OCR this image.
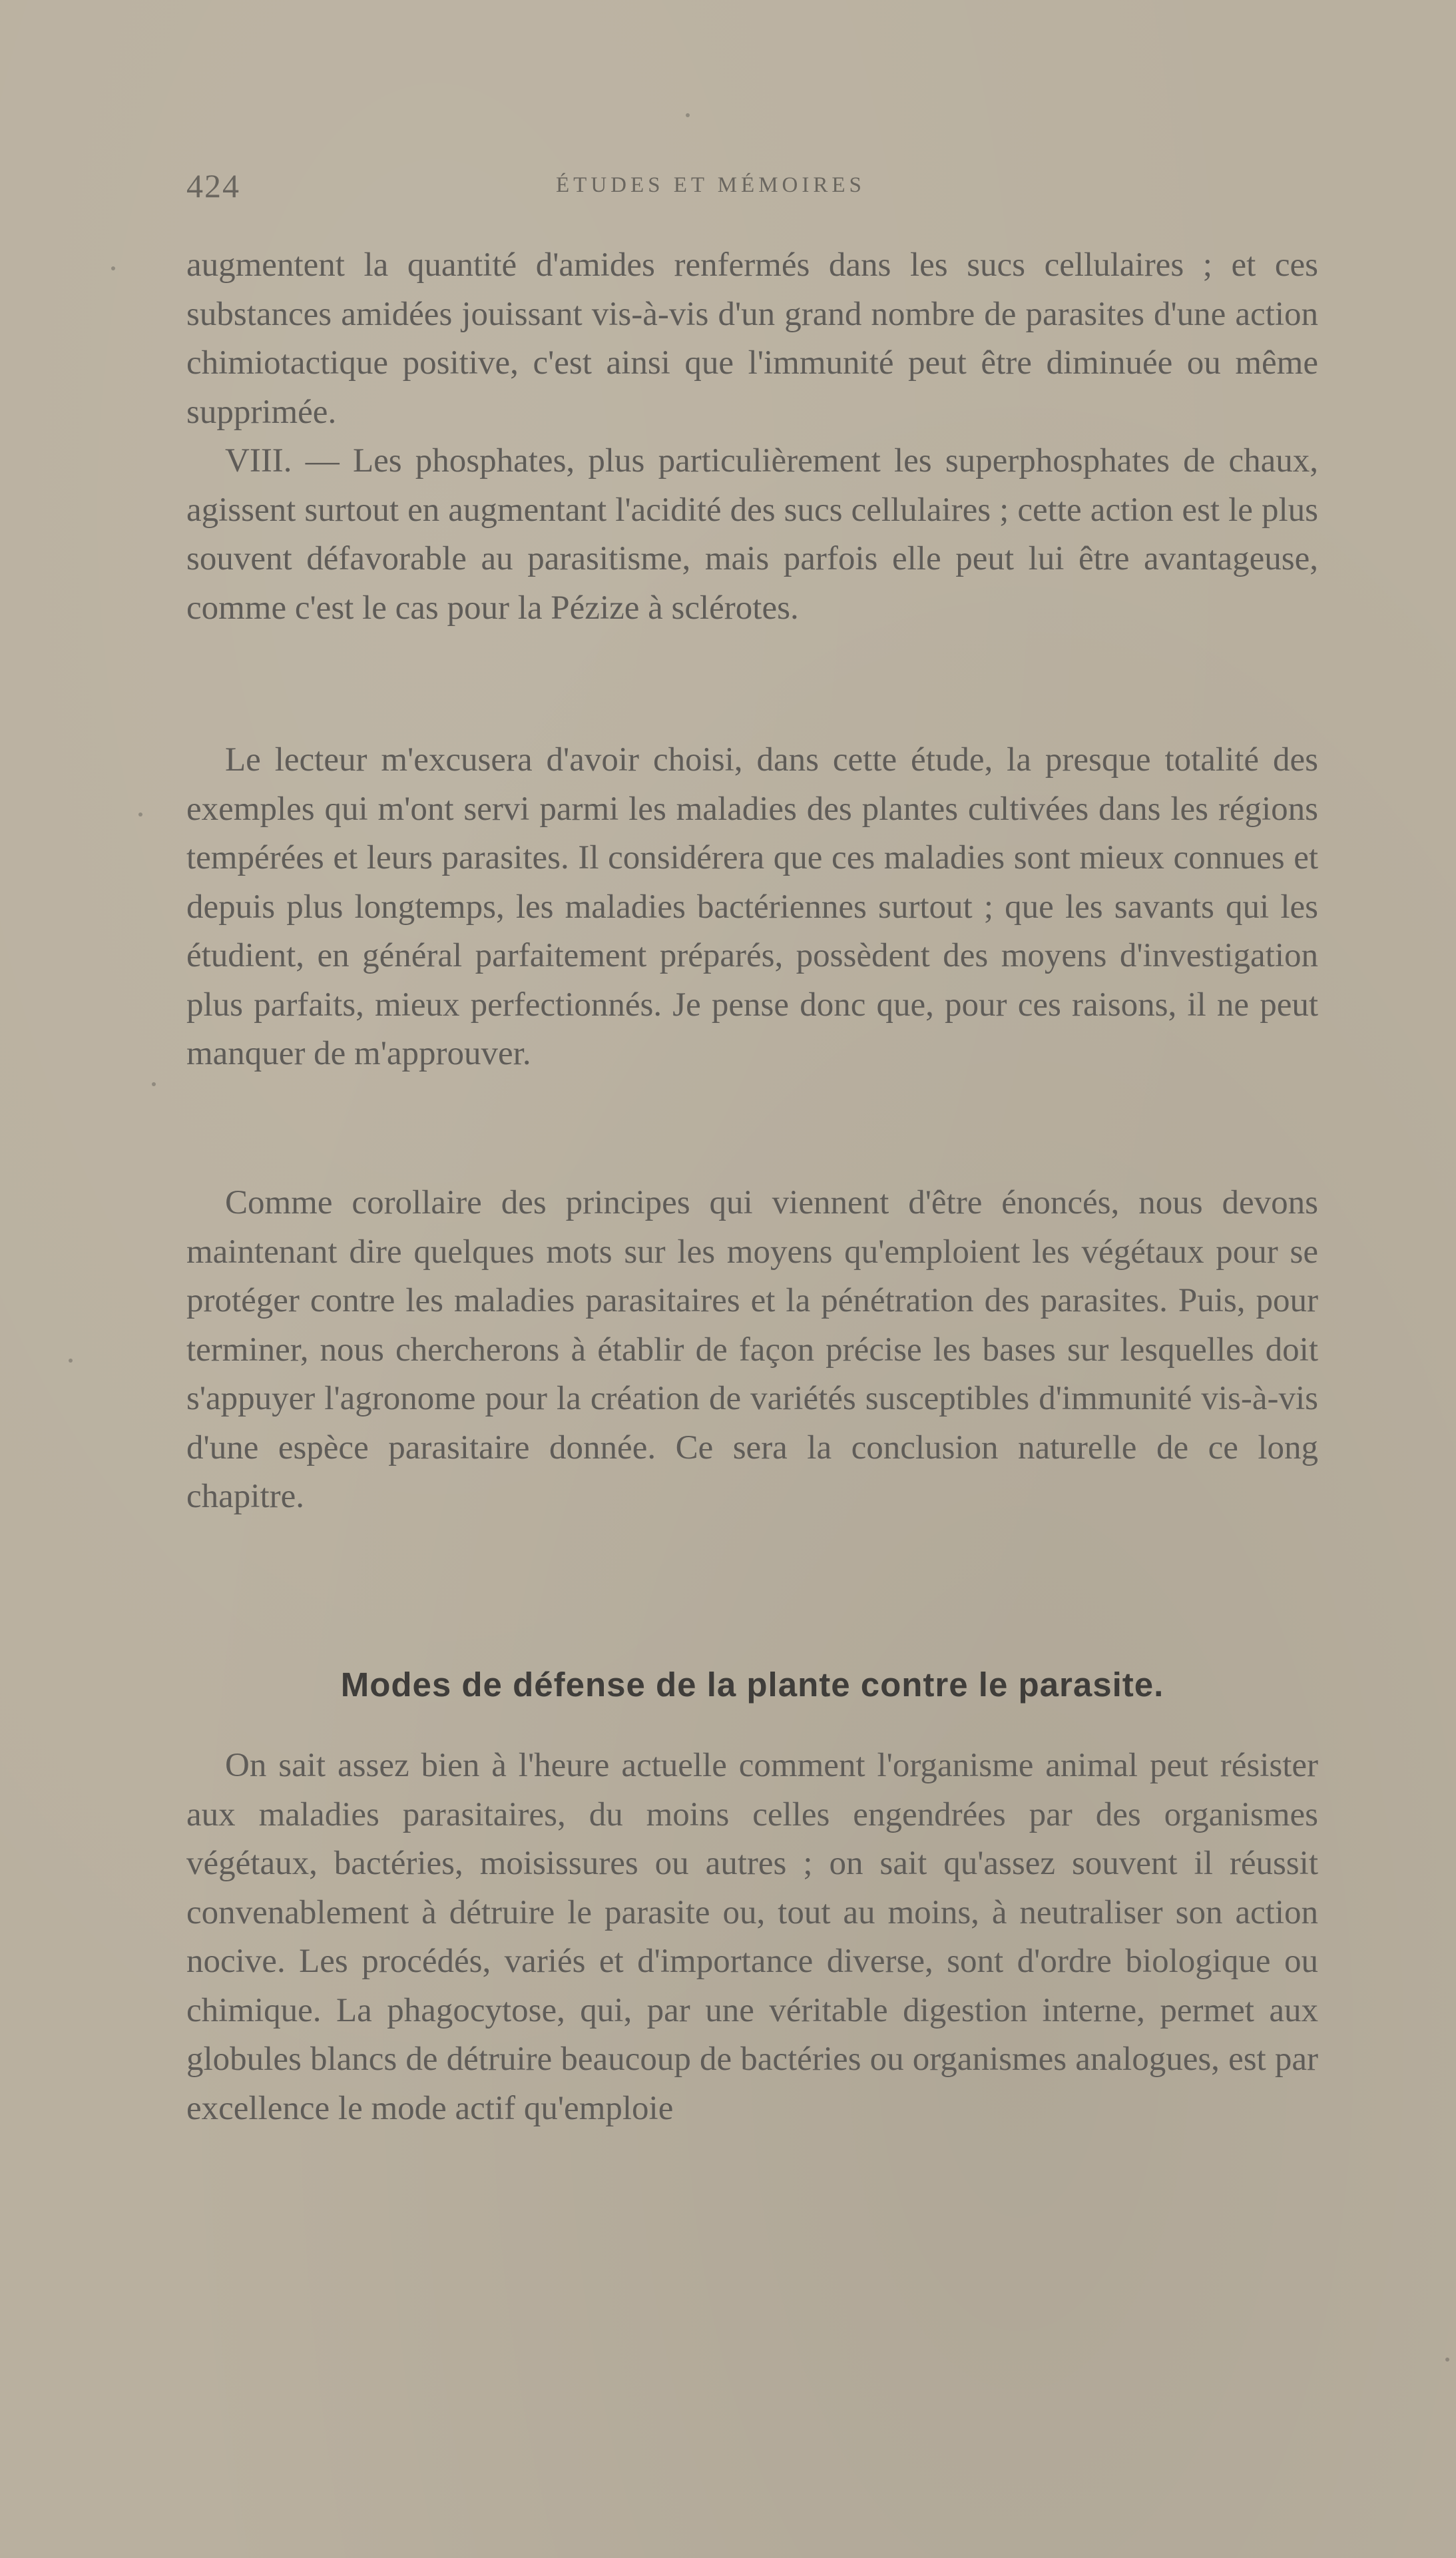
424	ÉTUDES ET MÉMOIRES

augmentent la quantité d'amides renfermés dans les sucs cellulaires ; et ces substances amidées jouissant vis-à-vis d'un grand nombre de parasites d'une action chimiotactique positive, c'est ainsi que l'immunité peut être diminuée ou même supprimée.

VIII. — Les phosphates, plus particulièrement les superphosphates de chaux, agissent surtout en augmentant l'acidité des sucs cellulaires ; cette action est le plus souvent défavorable au parasitisme, mais parfois elle peut lui être avantageuse, comme c'est le cas pour la Pézize à sclérotes.

Le lecteur m'excusera d'avoir choisi, dans cette étude, la presque totalité des exemples qui m'ont servi parmi les maladies des plantes cultivées dans les régions tempérées et leurs parasites. Il considérera que ces maladies sont mieux connues et depuis plus longtemps, les maladies bactériennes surtout ; que les savants qui les étudient, en général parfaitement préparés, possèdent des moyens d'investigation plus parfaits, mieux perfectionnés. Je pense donc que, pour ces raisons, il ne peut manquer de m'approuver.

Comme corollaire des principes qui viennent d'être énoncés, nous devons maintenant dire quelques mots sur les moyens qu'emploient les végétaux pour se protéger contre les maladies parasitaires et la pénétration des parasites. Puis, pour terminer, nous chercherons à établir de façon précise les bases sur lesquelles doit s'appuyer l'agronome pour la création de variétés susceptibles d'immunité vis-à-vis d'une espèce parasitaire donnée. Ce sera la conclusion naturelle de ce long chapitre.

Modes de défense de la plante contre le parasite.

On sait assez bien à l'heure actuelle comment l'organisme animal peut résister aux maladies parasitaires, du moins celles engendrées par des organismes végétaux, bactéries, moisissures ou autres ; on sait qu'assez souvent il réussit convenablement à détruire le parasite ou, tout au moins, à neutraliser son action nocive. Les procédés, variés et d'importance diverse, sont d'ordre biologique ou chimique. La phagocytose, qui, par une véritable digestion interne, permet aux globules blancs de détruire beaucoup de bactéries ou organismes analogues, est par excellence le mode actif qu'emploie
